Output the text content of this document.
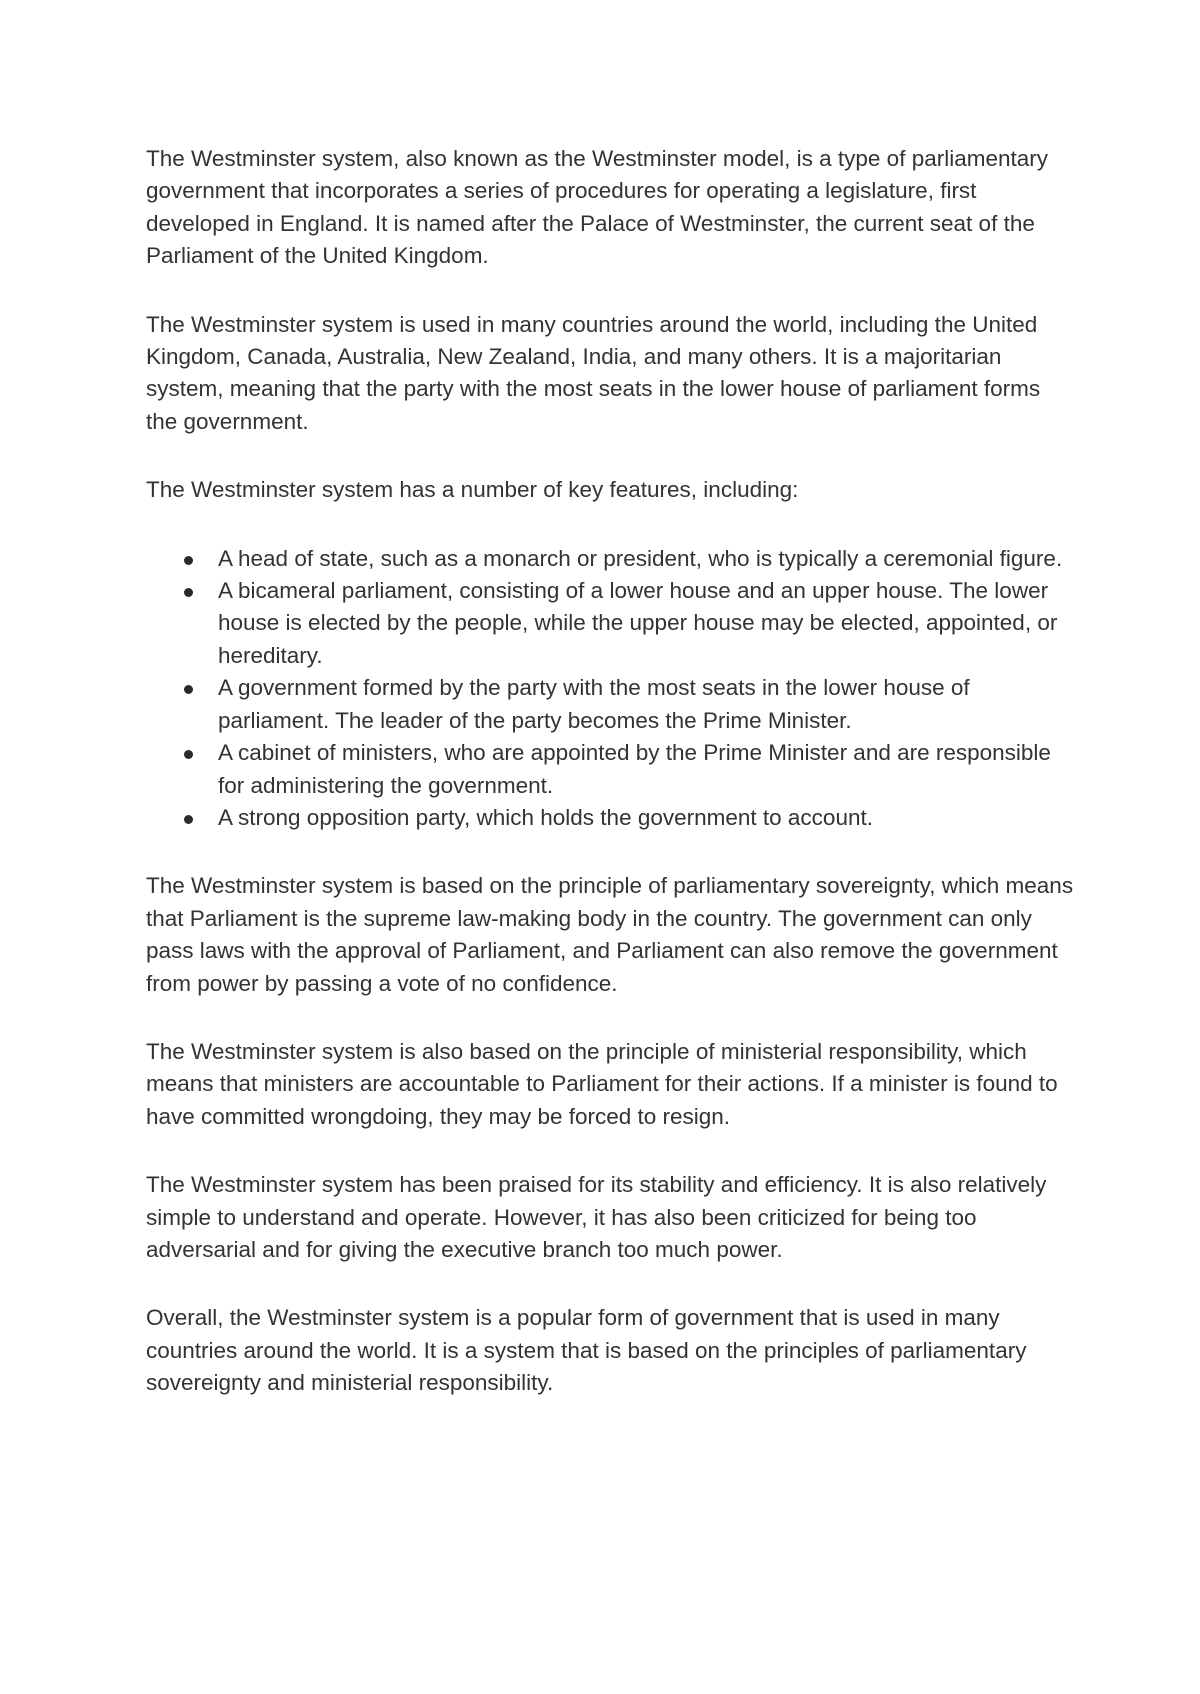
The Westminster system, also known as the Westminster model, is a type of parliamentary government that incorporates a series of procedures for operating a legislature, first developed in England. It is named after the Palace of Westminster, the current seat of the Parliament of the United Kingdom.

The Westminster system is used in many countries around the world, including the United Kingdom, Canada, Australia, New Zealand, India, and many others. It is a majoritarian system, meaning that the party with the most seats in the lower house of parliament forms the government.

The Westminster system has a number of key features, including:

A head of state, such as a monarch or president, who is typically a ceremonial figure.
A bicameral parliament, consisting of a lower house and an upper house. The lower house is elected by the people, while the upper house may be elected, appointed, or hereditary.
A government formed by the party with the most seats in the lower house of parliament. The leader of the party becomes the Prime Minister.
A cabinet of ministers, who are appointed by the Prime Minister and are responsible for administering the government.
A strong opposition party, which holds the government to account.

The Westminster system is based on the principle of parliamentary sovereignty, which means that Parliament is the supreme law-making body in the country. The government can only pass laws with the approval of Parliament, and Parliament can also remove the government from power by passing a vote of no confidence.

The Westminster system is also based on the principle of ministerial responsibility, which means that ministers are accountable to Parliament for their actions. If a minister is found to have committed wrongdoing, they may be forced to resign.

The Westminster system has been praised for its stability and efficiency. It is also relatively simple to understand and operate. However, it has also been criticized for being too adversarial and for giving the executive branch too much power.

Overall, the Westminster system is a popular form of government that is used in many countries around the world. It is a system that is based on the principles of parliamentary sovereignty and ministerial responsibility.
